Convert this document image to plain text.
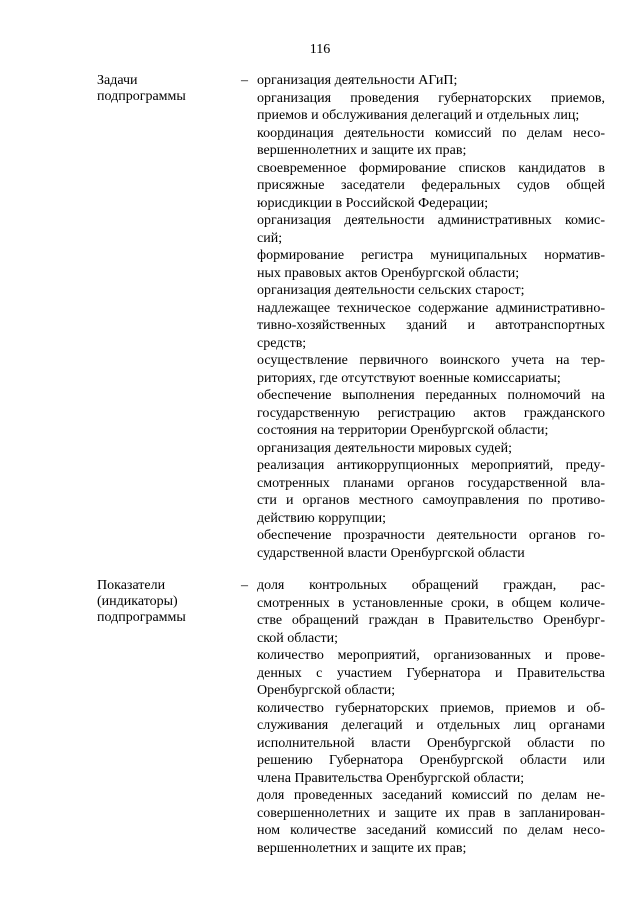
116
Задачи
подпрограммы
– организация деятельности АГиП;
организация проведения губернаторских приемов,
приемов и обслуживания делегаций и отдельных лиц;
координация деятельности комиссий по делам несо-
вершеннолетних и защите их прав;
своевременное формирование списков кандидатов в
присяжные заседатели федеральных судов общей
юрисдикции в Российской Федерации;
организация деятельности административных комис-
сий;
формирование регистра муниципальных норматив-
ных правовых актов Оренбургской области;
организация деятельности сельских старост;
надлежащее техническое содержание административно-
тивно-хозяйственных зданий и автотранспортных
средств;
осуществление первичного воинского учета на тер-
риториях, где отсутствуют военные комиссариаты;
обеспечение выполнения переданных полномочий на
государственную регистрацию актов гражданского
состояния на территории Оренбургской области;
организация деятельности мировых судей;
реализация антикоррупционных мероприятий, преду-
смотренных планами органов государственной вла-
сти и органов местного самоуправления по противо-
действию коррупции;
обеспечение прозрачности деятельности органов го-
сударственной власти Оренбургской области
Показатели
(индикаторы)
подпрограммы
– доля контрольных обращений граждан, рас-
смотренных в установленные сроки, в общем количе-
стве обращений граждан в Правительство Оренбург-
ской области;
количество мероприятий, организованных и прове-
денных с участием Губернатора и Правительства
Оренбургской области;
количество губернаторских приемов, приемов и об-
служивания делегаций и отдельных лиц органами
исполнительной власти Оренбургской области по
решению Губернатора Оренбургской области или
члена Правительства Оренбургской области;
доля проведенных заседаний комиссий по делам не-
совершеннолетних и защите их прав в запланирован-
ном количестве заседаний комиссий по делам несо-
вершеннолетних и защите их прав;
